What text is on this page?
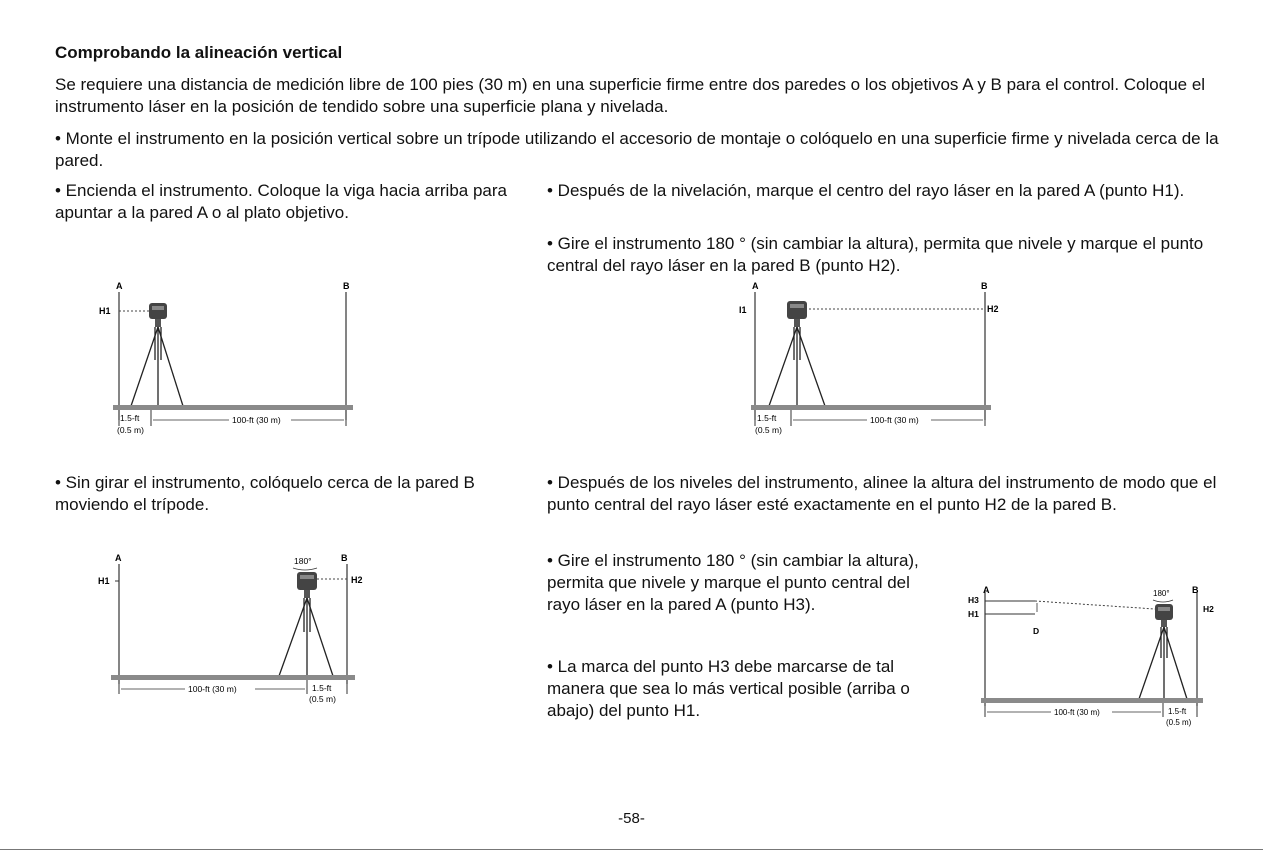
Comprobando la alineación vertical
Se requiere una distancia de medición libre de 100 pies (30 m) en una superficie firme entre dos paredes o los objetivos A y B para el control. Coloque el instrumento láser en la posición de tendido sobre una superficie plana y nivelada.
• Monte el instrumento en la posición vertical sobre un trípode utilizando el accesorio de montaje o colóquelo en una superficie firme y nivelada cerca de la pared.
• Encienda el instrumento. Coloque la viga hacia arriba para apuntar a la pared A o al plato objetivo.
• Después de la nivelación, marque el centro del rayo láser en la pared A (punto H1).
• Gire el instrumento 180 ° (sin cambiar la altura), permita que nivele y marque el punto central del rayo láser en la pared B (punto H2).
• Sin girar el instrumento, colóquelo cerca de la pared B moviendo el trípode.
• Después de los niveles del instrumento, alinee la altura del instrumento de modo que el punto central del rayo láser esté exactamente en el punto H2 de la pared B.
• Gire el instrumento 180 ° (sin cambiar la altura), permita que nivele y marque el punto central del rayo láser en la pared A (punto H3).
• La marca del punto H3 debe marcarse de tal manera que sea lo más vertical posible (arriba o abajo) del punto H1.
A	B
H1
1.5-ft
(0.5 m)
100-ft (30 m)
A	B
I1	H2
1.5-ft
(0.5 m)
100-ft (30 m)
A	B
H1	H2
180°
100-ft (30 m)	1.5-ft
(0.5 m)
A	B
H3
H1	H2
D
180°
100-ft (30 m)	1.5-ft
(0.5 m)
-58-
